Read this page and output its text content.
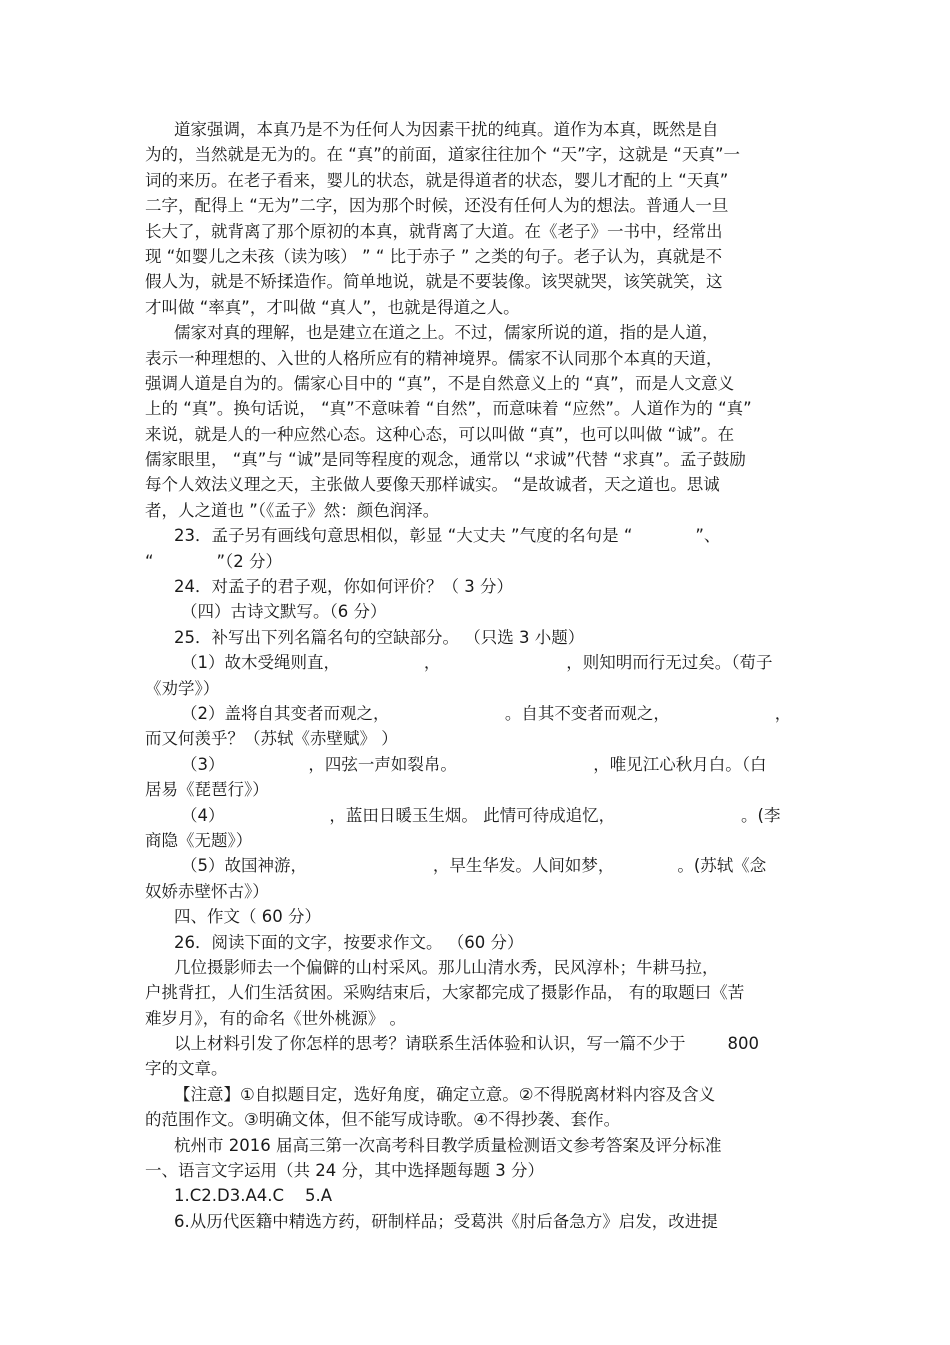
道家强调，本真乃是不为任何人为因素干扰的纯真。道作为本真，既然是自
为的，当然就是无为的。在 “真”的前面，道家往往加个 “天”字，这就是 “天真”一
词的来历。在老子看来，婴儿的状态，就是得道者的状态，婴儿才配的上 “天真”
二字，配得上 “无为”二字，因为那个时候，还没有任何人为的想法。普通人一旦
长大了，就背离了那个原初的本真，就背离了大道。在《老子》一书中，经常出
现 “如婴儿之未孩（读为咳） ” “ 比于赤子 ” 之类的句子。老子认为，真就是不
假人为，就是不矫揉造作。简单地说，就是不要装像。该哭就哭，该笑就笑，这
才叫做 “率真”，才叫做 “真人”，也就是得道之人。
儒家对真的理解，也是建立在道之上。不过，儒家所说的道，指的是人道，
表示一种理想的、入世的人格所应有的精神境界。儒家不认同那个本真的天道，
强调人道是自为的。儒家心目中的 “真”，不是自然意义上的 “真”，而是人文意义
上的 “真”。换句话说， “真”不意味着 “自然”，而意味着 “应然”。人道作为的 “真”
来说，就是人的一种应然心态。这种心态，可以叫做 “真”，也可以叫做 “诚”。在
儒家眼里， “真”与 “诚”是同等程度的观念，通常以 “求诚”代替 “求真”。孟子鼓励
每个人效法义理之天，主张做人要像天那样诚实。 “是故诚者，天之道也。思诚
者，人之道也 ”（《孟子》然：颜色润泽。
23．孟子另有画线句意思相似，彰显 “大丈夫 ”气度的名句是 “            ”、
“            ”（2 分）
24．对孟子的君子观，你如何评价？（ 3 分）
（四）古诗文默写。（6 分）
25．补写出下列名篇名句的空缺部分。 （只选 3 小题）
（1）故木受绳则直，                ，                        ，则知明而行无过矣。（荀子
《劝学》）
（2）盖将自其变者而观之，                      。自其不变者而观之，                    ，
而又何羡乎？（苏轼《赤壁赋》 ）
（3）                ，四弦一声如裂帛。                          ，唯见江心秋月白。（白
居易《琵琶行》）
（4）                    ，蓝田日暖玉生烟。 此情可待成追忆，                        。(李
商隐《无题》）
（5）故国神游，                        ，早生华发。人间如梦，            。(苏轼《念
奴娇赤壁怀古》）
四、作文（ 60 分）
26．阅读下面的文字，按要求作文。 （60 分）
几位摄影师去一个偏僻的山村采风。那儿山清水秀，民风淳朴；牛耕马拉，
户挑背扛，人们生活贫困。采购结束后，大家都完成了摄影作品， 有的取题曰《苦
难岁月》，有的命名《世外桃源》 。
以上材料引发了你怎样的思考？请联系生活体验和认识，写一篇不少于        800
字的文章。
【注意】①自拟题目定，选好角度，确定立意。②不得脱离材料内容及含义
的范围作文。③明确文体，但不能写成诗歌。④不得抄袭、套作。
杭州市 2016 届高三第一次高考科目教学质量检测语文参考答案及评分标准
一、语言文字运用（共 24 分，其中选择题每题 3 分）
1.C2.D3.A4.C    5.A
6.从历代医籍中精选方药，研制样品；受葛洪《肘后备急方》启发，改进提
